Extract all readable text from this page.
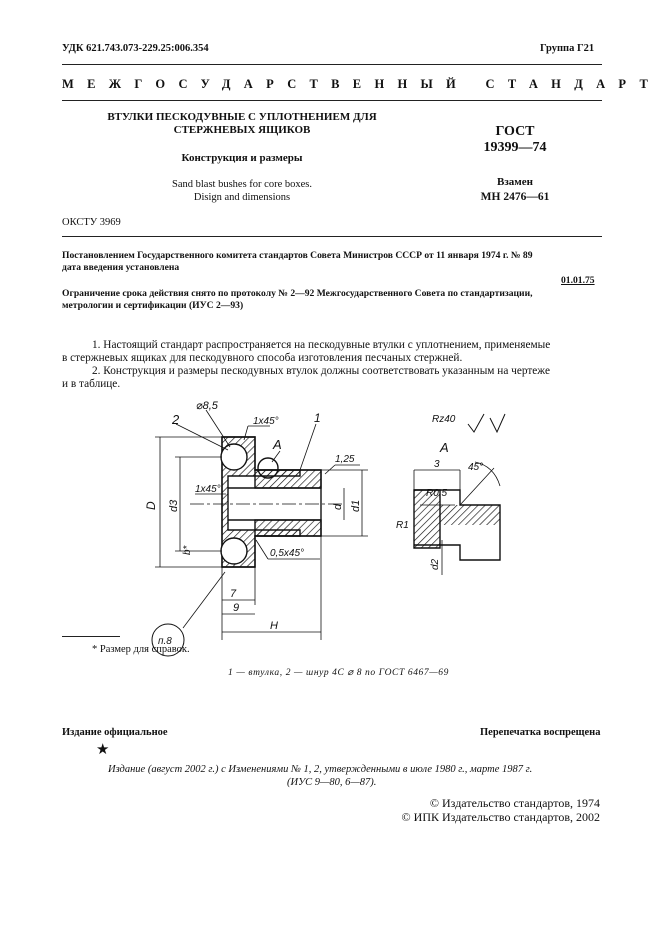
УДК 621.743.073-229.25:006.354	Группа Г21
МЕЖГОСУДАРСТВЕННЫЙ СТАНДАРТ
ВТУЛКИ ПЕСКОДУВНЫЕ С УПЛОТНЕНИЕМ ДЛЯ
СТЕРЖНЕВЫХ ЯЩИКОВ
Конструкция и размеры
Sand blast bushes for core boxes.
Disign and dimensions
ГОСТ
19399—74
Взамен
МН 2476—61
ОКСТУ 3969
Постановлением Государственного комитета стандартов Совета Министров СССР от 11 января 1974 г. № 89
дата введения установлена
01.01.75
Ограничение срока действия снято по протоколу № 2—92 Межгосударственного Совета по стандартизации,
метрологии и сертификации (ИУС 2—93)
1. Настоящий стандарт распространяется на пескодувные втулки с уплотнением, применяемые
в стержневых ящиках для пескодувного способа изготовления песчаных стержней.
2. Конструкция и размеры пескодувных втулок должны соответствовать указанным на чертеже
и в таблице.
⌀8,5
1x45°	1
2
A
1,25
D d3
1x45°
d d1
b*	0,5x45°
7
9
H
п.8
A
Rz40
3	45°
R0,5
R1
d2
* Размер для справок.
1 — втулка, 2 — шнур 4С ⌀ 8 по ГОСТ 6467—69
Издание официальное	Перепечатка воспрещена
★
Издание (август 2002 г.) с Изменениями № 1, 2, утвержденными в июле 1980 г., марте 1987 г.
(ИУС 9—80, 6—87).
© Издательство стандартов, 1974
© ИПК Издательство стандартов, 2002
